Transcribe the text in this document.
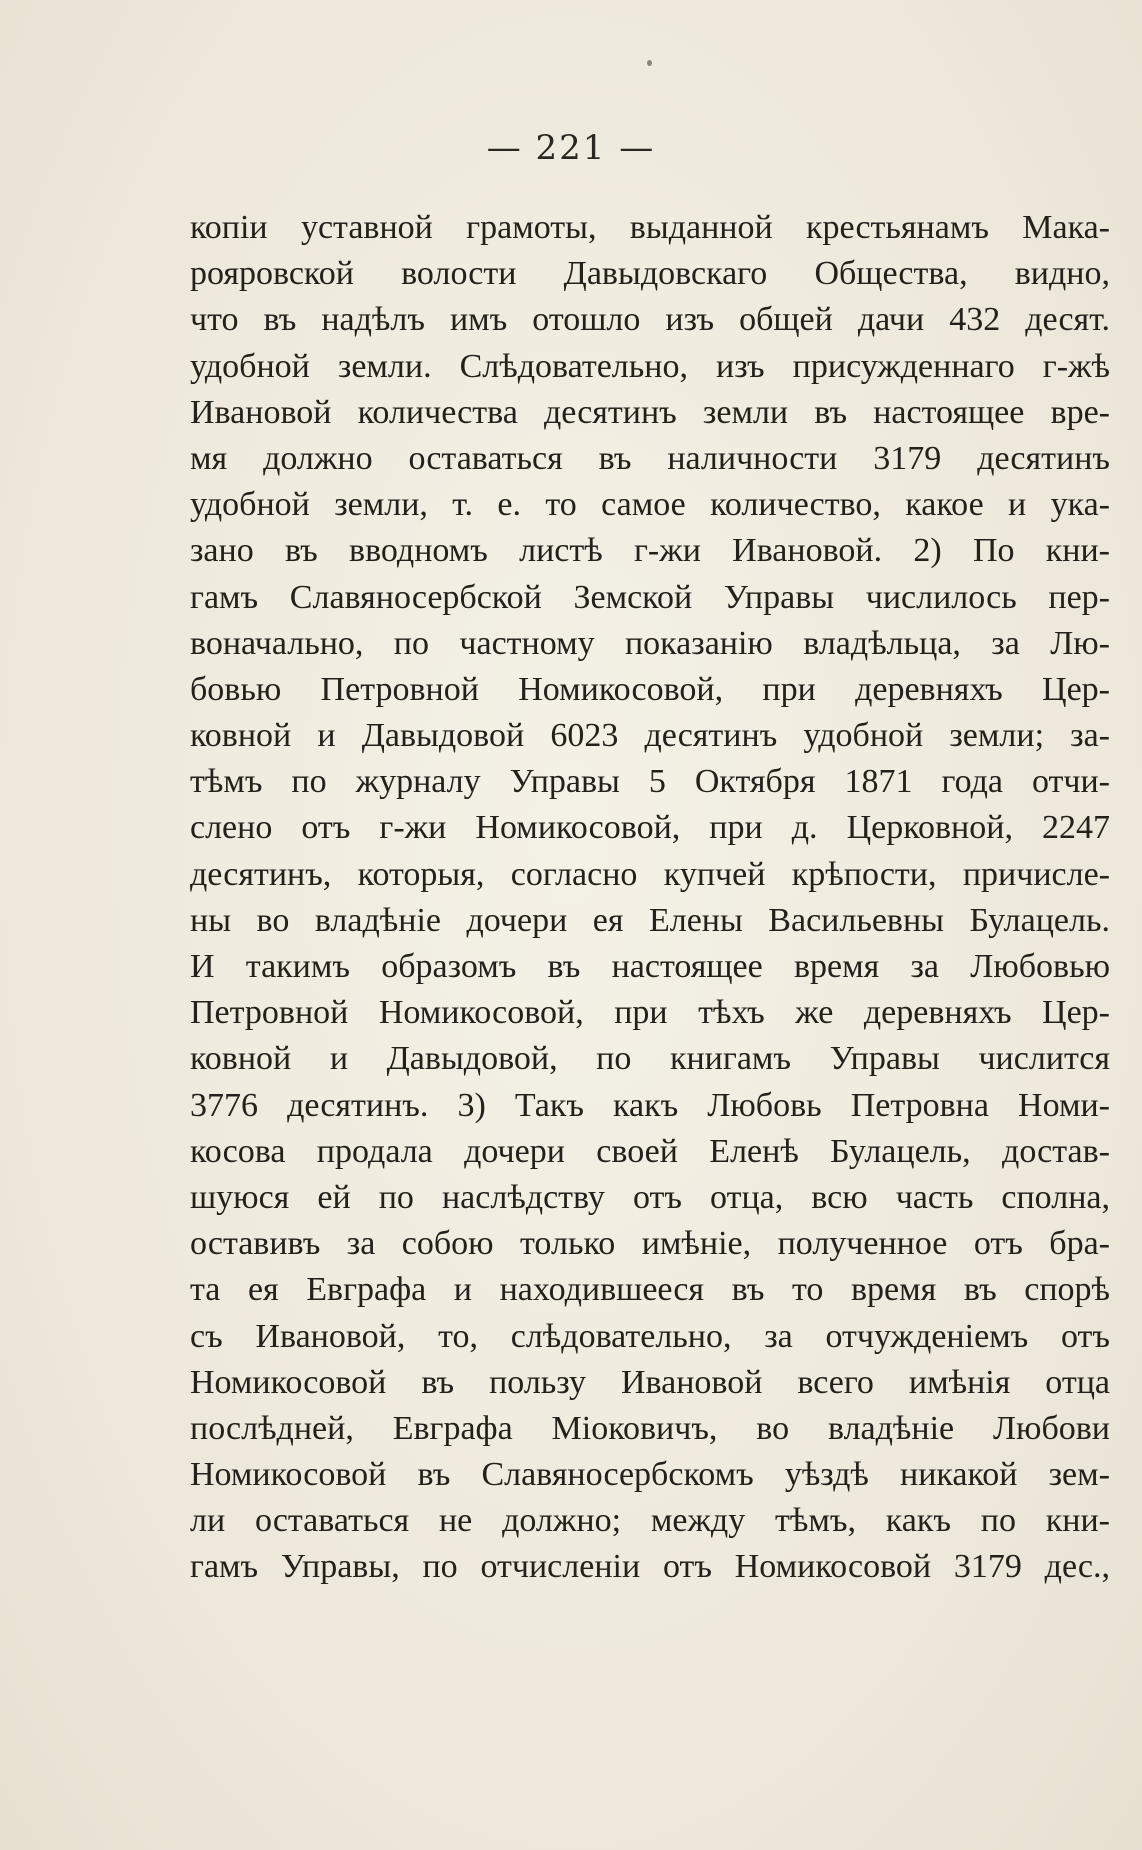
— 221 —
копіи уставной грамоты, выданной крестьянамъ Мака-
рояровской волости Давыдовскаго Общества, видно,
что въ надѣлъ имъ отошло изъ общей дачи 432 десят.
удобной земли. Слѣдовательно, изъ присужденнаго г-жѣ
Ивановой количества десятинъ земли въ настоящее вре-
мя должно оставаться въ наличности 3179 десятинъ
удобной земли, т. е. то самое количество, какое и ука-
зано въ вводномъ листѣ г-жи Ивановой. 2) По кни-
гамъ Славяносербской Земской Управы числилось пер-
воначально, по частному показанію владѣльца, за Лю-
бовью Петровной Номикосовой, при деревняхъ Цер-
ковной и Давыдовой 6023 десятинъ удобной земли; за-
тѣмъ по журналу Управы 5 Октября 1871 года отчи-
слено отъ г-жи Номикосовой, при д. Церковной, 2247
десятинъ, которыя, согласно купчей крѣпости, причисле-
ны во владѣніе дочери ея Елены Васильевны Булацель.
И такимъ образомъ въ настоящее время за Любовью
Петровной Номикосовой, при тѣхъ же деревняхъ Цер-
ковной и Давыдовой, по книгамъ Управы числится
3776 десятинъ. 3) Такъ какъ Любовь Петровна Номи-
косова продала дочери своей Еленѣ Булацель, достав-
шуюся ей по наслѣдству отъ отца, всю часть сполна,
оставивъ за собою только имѣніе, полученное отъ бра-
та ея Евграфа и находившееся въ то время въ спорѣ
съ Ивановой, то, слѣдовательно, за отчужденіемъ отъ
Номикосовой въ пользу Ивановой всего имѣнія отца
послѣдней, Евграфа Міоковичъ, во владѣніе Любови
Номикосовой въ Славяносербскомъ уѣздѣ никакой зем-
ли оставаться не должно; между тѣмъ, какъ по кни-
гамъ Управы, по отчисленіи отъ Номикосовой 3179 дес.,
